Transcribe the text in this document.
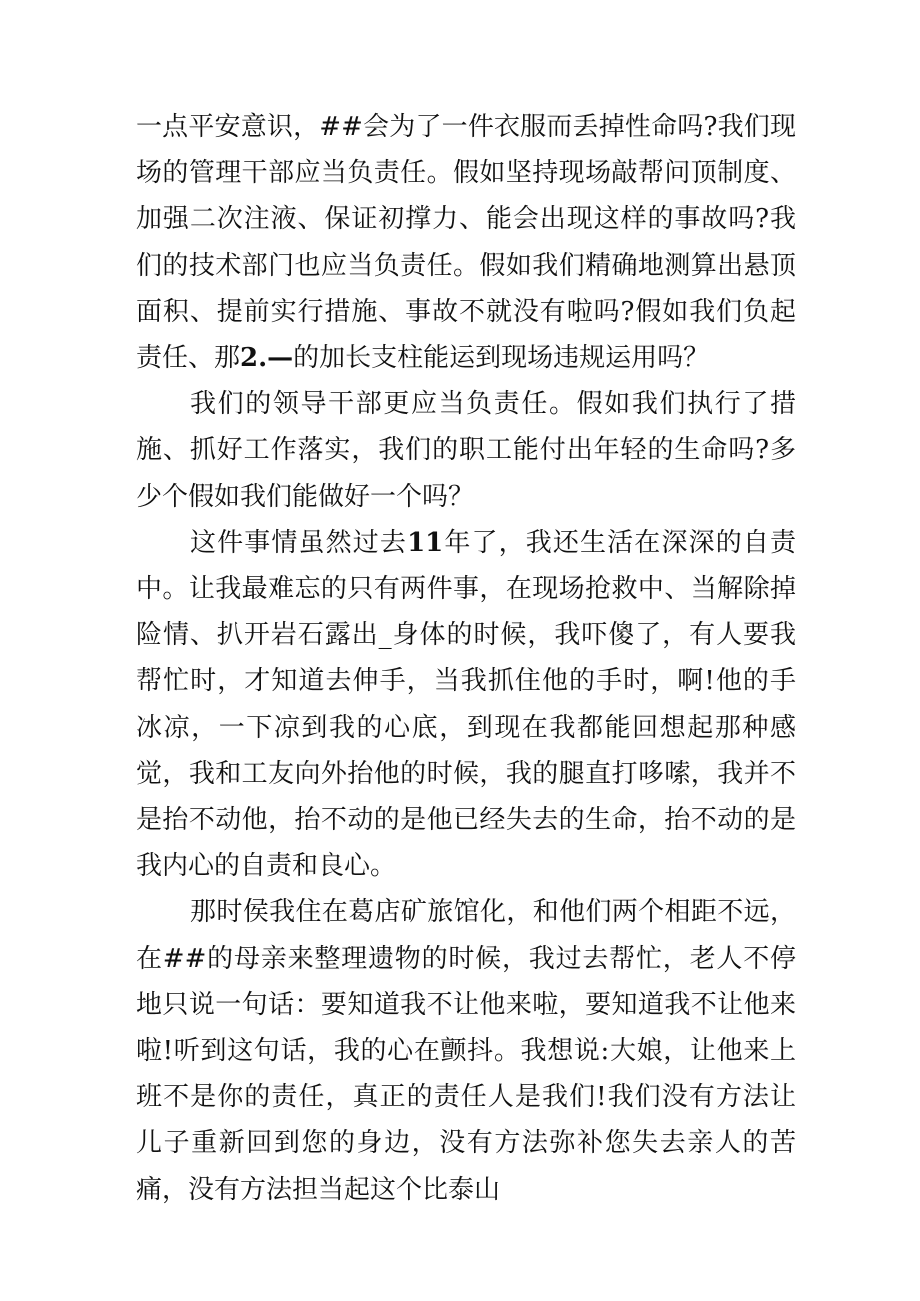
一点平安意识，##会为了一件衣服而丢掉性命吗?我们现场的管理干部应当负责任。假如坚持现场敲帮问顶制度、加强二次注液、保证初撑力、能会出现这样的事故吗?我们的技术部门也应当负责任。假如我们精确地测算出悬顶面积、提前实行措施、事故不就没有啦吗?假如我们负起责任、那2.—的加长支柱能运到现场违规运用吗？

我们的领导干部更应当负责任。假如我们执行了措施、抓好工作落实，我们的职工能付出年轻的生命吗?多少个假如我们能做好一个吗？

这件事情虽然过去11年了，我还生活在深深的自责中。让我最难忘的只有两件事，在现场抢救中、当解除掉险情、扒开岩石露出_身体的时候，我吓傻了，有人要我帮忙时，才知道去伸手，当我抓住他的手时，啊!他的手冰凉，一下凉到我的心底，到现在我都能回想起那种感觉，我和工友向外抬他的时候，我的腿直打哆嗦，我并不是抬不动他，抬不动的是他已经失去的生命，抬不动的是我内心的自责和良心。

那时侯我住在葛店矿旅馆化，和他们两个相距不远，在##的母亲来整理遗物的时候，我过去帮忙，老人不停地只说一句话：要知道我不让他来啦，要知道我不让他来啦!听到这句话，我的心在颤抖。我想说:大娘，让他来上班不是你的责任，真正的责任人是我们!我们没有方法让儿子重新回到您的身边，没有方法弥补您失去亲人的苦痛，没有方法担当起这个比泰山
